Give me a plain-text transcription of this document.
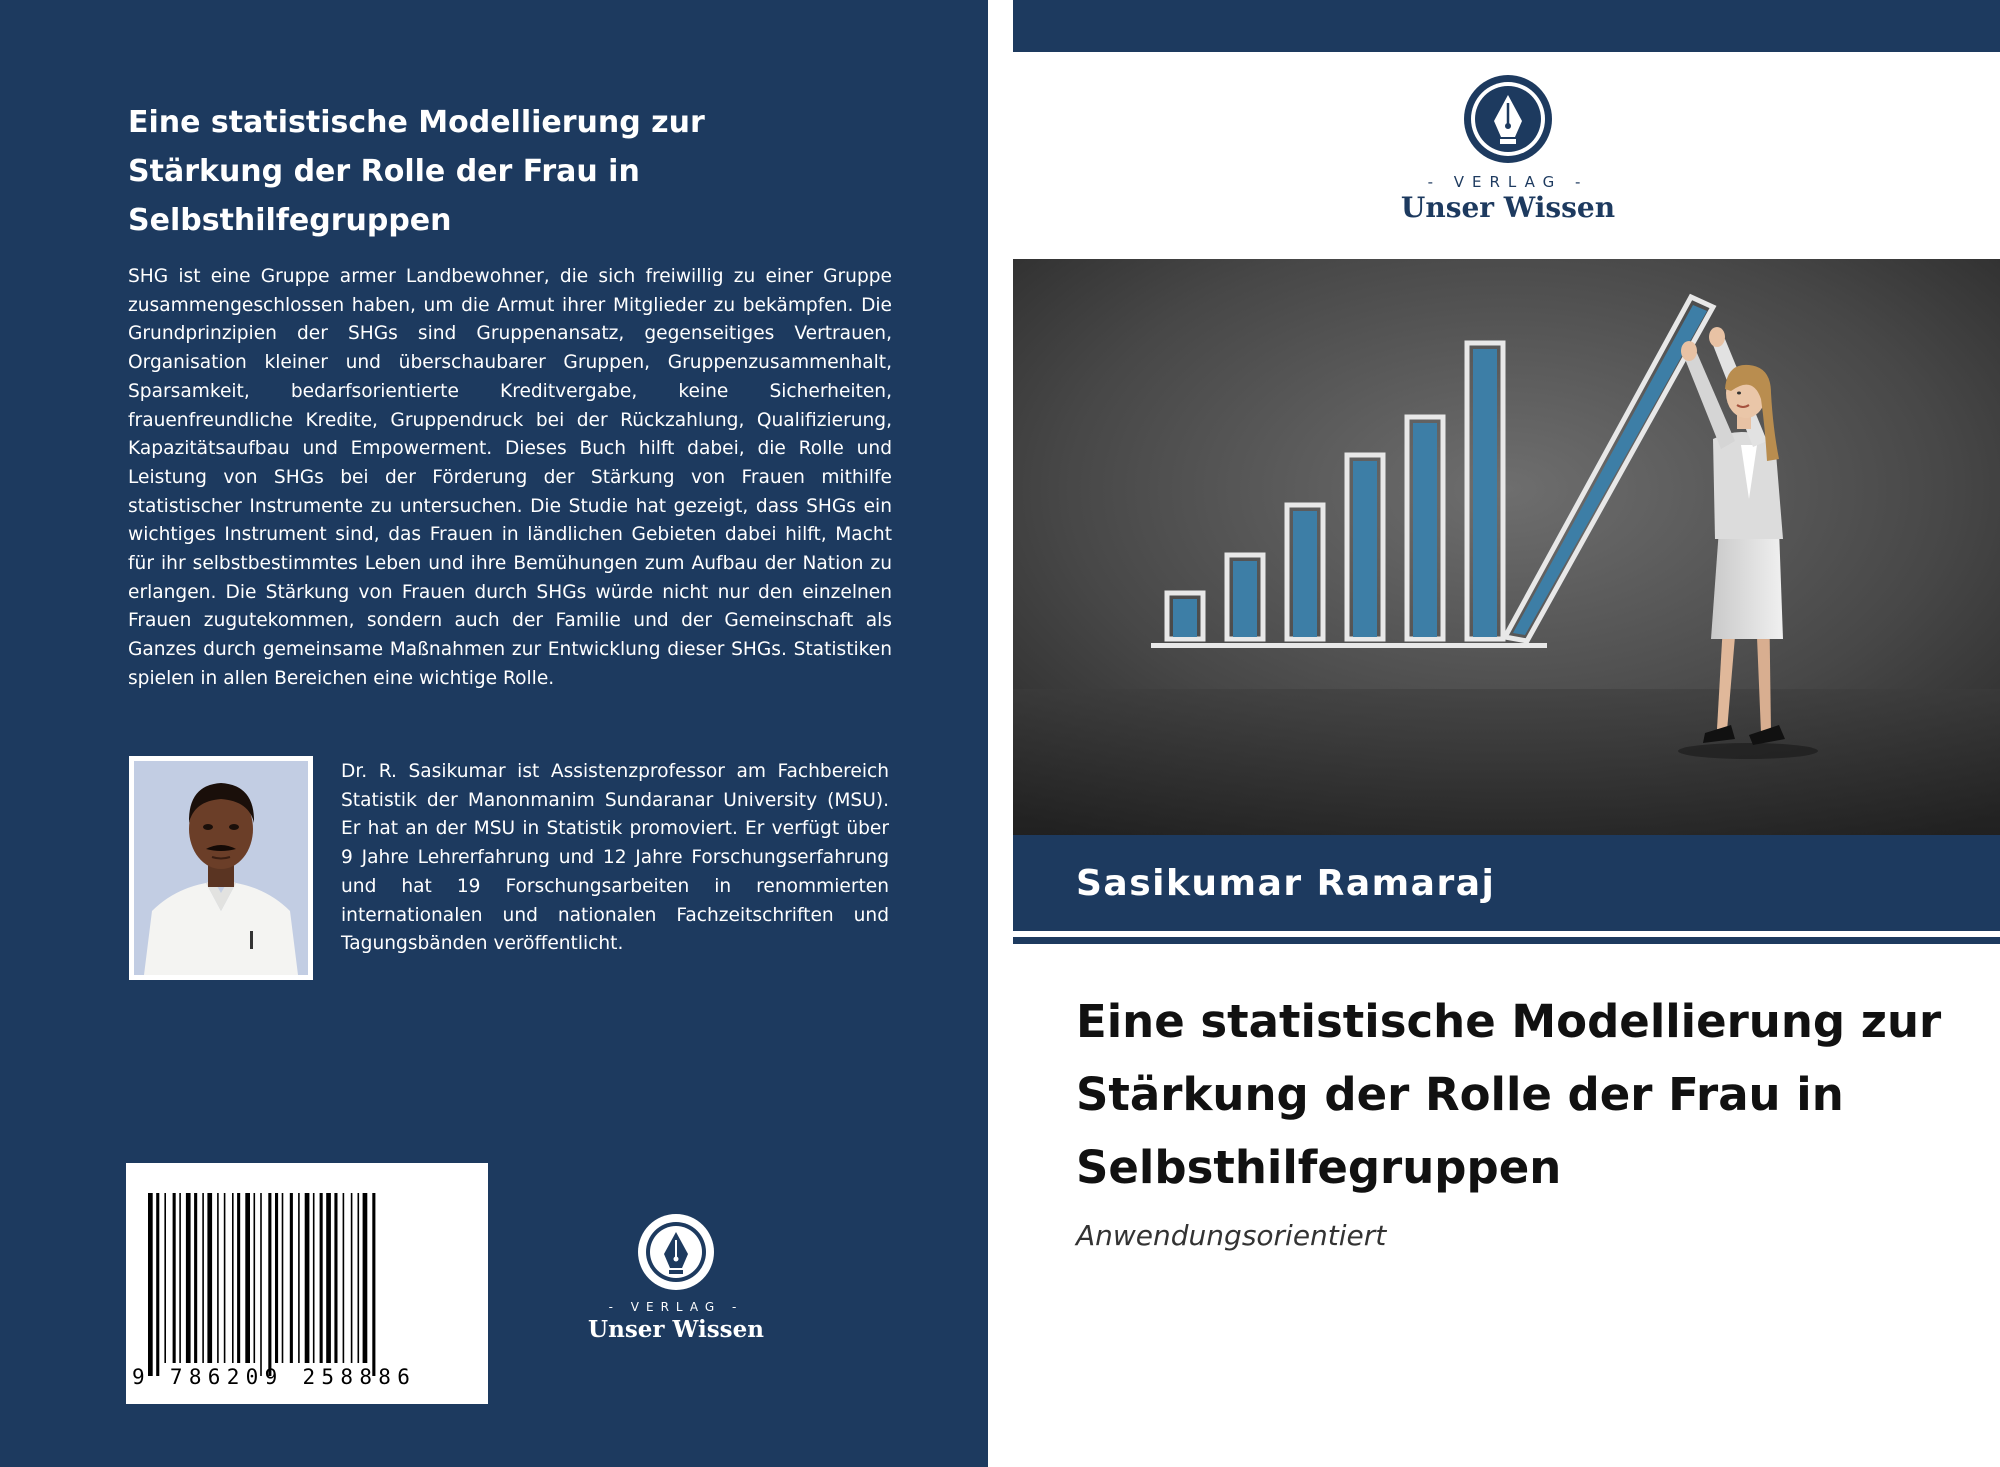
Eine statistische Modellierung zur Stärkung der Rolle der Frau in Selbsthilfegruppen

SHG ist eine Gruppe armer Landbewohner, die sich freiwillig zu einer Gruppe zusammengeschlossen haben, um die Armut ihrer Mitglieder zu bekämpfen. Die Grundprinzipien der SHGs sind Gruppenansatz, gegenseitiges Vertrauen, Organisation kleiner und überschaubarer Gruppen, Gruppenzusammenhalt, Sparsamkeit, bedarfsorientierte Kreditvergabe, keine Sicherheiten, frauenfreundliche Kredite, Gruppendruck bei der Rückzahlung, Qualifizierung, Kapazitätsaufbau und Empowerment. Dieses Buch hilft dabei, die Rolle und Leistung von SHGs bei der Förderung der Stärkung von Frauen mithilfe statistischer Instrumente zu untersuchen. Die Studie hat gezeigt, dass SHGs ein wichtiges Instrument sind, das Frauen in ländlichen Gebieten dabei hilft, Macht für ihr selbstbestimmtes Leben und ihre Bemühungen zum Aufbau der Nation zu erlangen. Die Stärkung von Frauen durch SHGs würde nicht nur den einzelnen Frauen zugutekommen, sondern auch der Familie und der Gemeinschaft als Ganzes durch gemeinsame Maßnahmen zur Entwicklung dieser SHGs. Statistiken spielen in allen Bereichen eine wichtige Rolle.

Dr. R. Sasikumar ist Assistenzprofessor am Fachbereich Statistik der Manonmanim Sundaranar University (MSU). Er hat an der MSU in Statistik promoviert. Er verfügt über 9 Jahre Lehrerfahrung und 12 Jahre Forschungserfahrung und hat 19 Forschungsarbeiten in renommierten internationalen und nationalen Fachzeitschriften und Tagungsbänden veröffentlicht.

9 786209 258886
- VERLAG -
Unser Wissen
- VERLAG -
Unser Wissen
Sasikumar Ramaraj
Eine statistische Modellierung zur Stärkung der Rolle der Frau in Selbsthilfegruppen
Anwendungsorientiert
